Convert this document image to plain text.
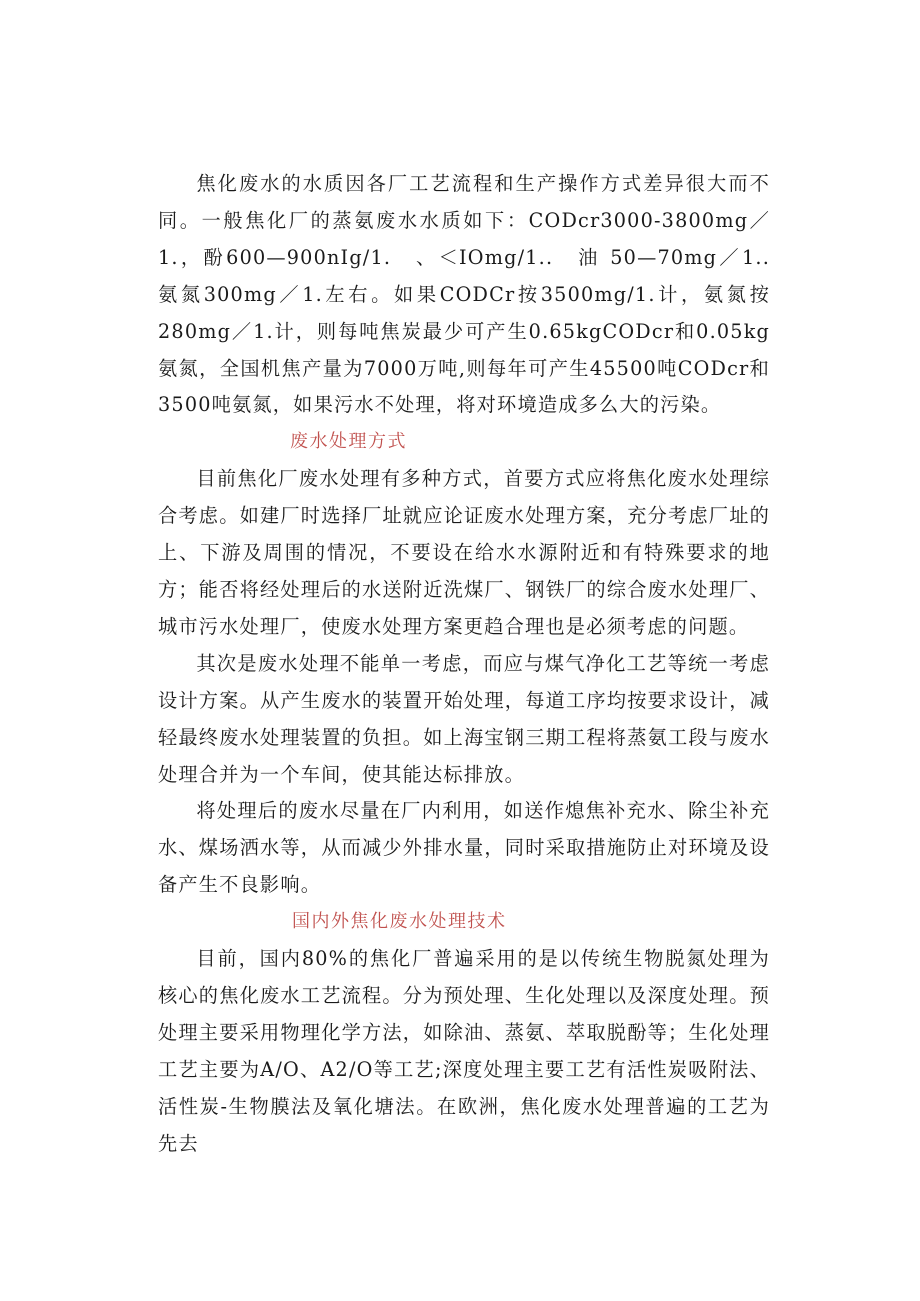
焦化废水的水质因各厂工艺流程和生产操作方式差异很大而不同。一般焦化厂的蒸氨废水水质如下：CODcr3000-3800mg／1.，酚600—900nIg/1.　、＜IOmg/1..　油 50—70mg／1..　氨氮300mg／1.左右。如果CODCr按3500mg/1.计，氨氮按280mg／1.计，则每吨焦炭最少可产生0.65kgCODcr和0.05kg氨氮，全国机焦产量为7000万吨,则每年可产生45500吨CODcr和3500吨氨氮，如果污水不处理，将对环境造成多么大的污染。

废水处理方式

目前焦化厂废水处理有多种方式，首要方式应将焦化废水处理综合考虑。如建厂时选择厂址就应论证废水处理方案，充分考虑厂址的上、下游及周围的情况，不要设在给水水源附近和有特殊要求的地方；能否将经处理后的水送附近洗煤厂、钢铁厂的综合废水处理厂、城市污水处理厂，使废水处理方案更趋合理也是必须考虑的问题。

其次是废水处理不能单一考虑，而应与煤气净化工艺等统一考虑设计方案。从产生废水的装置开始处理，每道工序均按要求设计，减轻最终废水处理装置的负担。如上海宝钢三期工程将蒸氨工段与废水处理合并为一个车间，使其能达标排放。

将处理后的废水尽量在厂内利用，如送作熄焦补充水、除尘补充水、煤场洒水等，从而减少外排水量，同时采取措施防止对环境及设备产生不良影响。

国内外焦化废水处理技术

目前，国内80%的焦化厂普遍采用的是以传统生物脱氮处理为核心的焦化废水工艺流程。分为预处理、生化处理以及深度处理。预处理主要采用物理化学方法，如除油、蒸氨、萃取脱酚等；生化处理工艺主要为A/O、A2/O等工艺;深度处理主要工艺有活性炭吸附法、活性炭-生物膜法及氧化塘法。在欧洲，焦化废水处理普遍的工艺为先去
